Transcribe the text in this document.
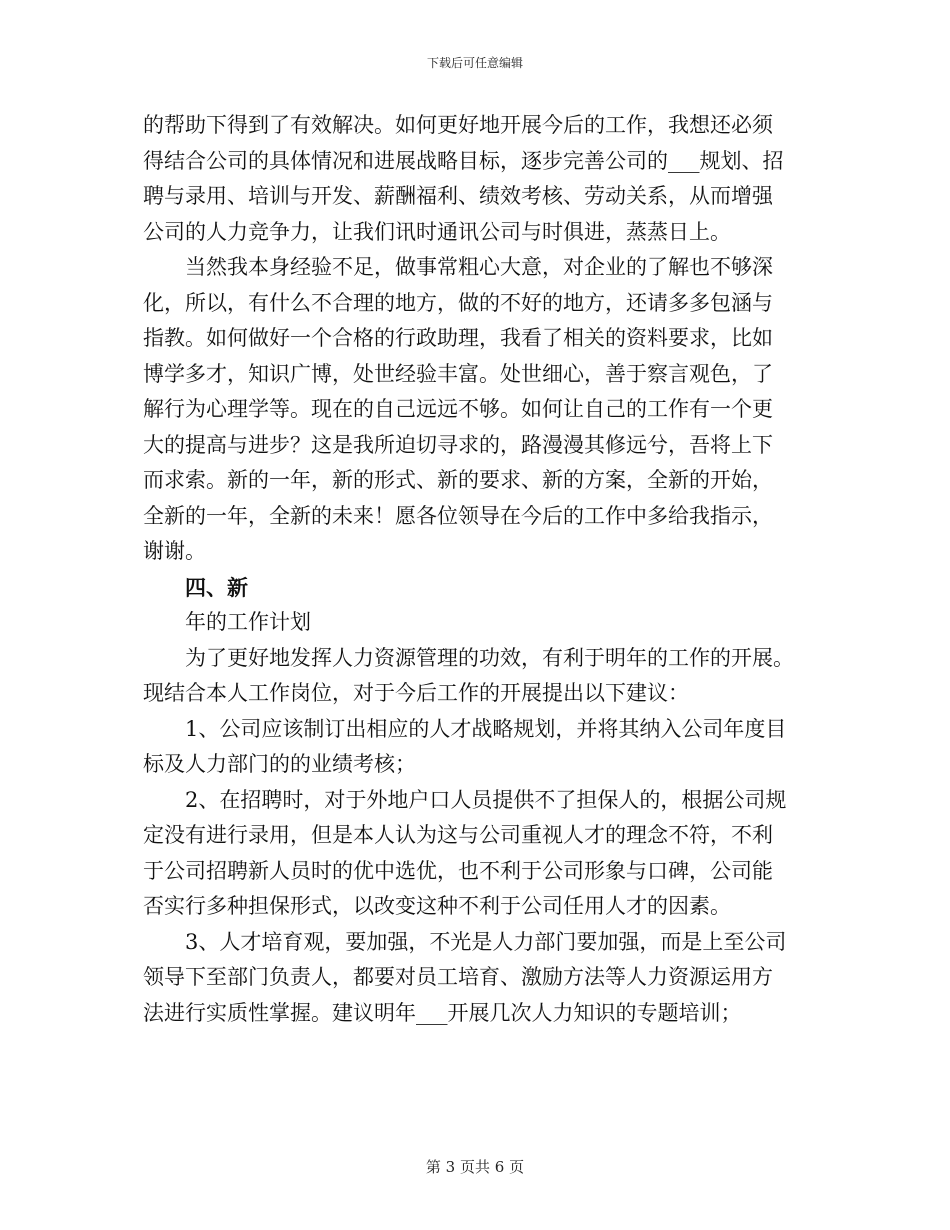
下载后可任意编辑
的帮助下得到了有效解决。如何更好地开展今后的工作，我想还必须
得结合公司的具体情况和进展战略目标，逐步完善公司的___规划、招
聘与录用、培训与开发、薪酬福利、绩效考核、劳动关系，从而增强
公司的人力竞争力，让我们讯时通讯公司与时俱进，蒸蒸日上。
当然我本身经验不足，做事常粗心大意，对企业的了解也不够深
化，所以，有什么不合理的地方，做的不好的地方，还请多多包涵与
指教。如何做好一个合格的行政助理，我看了相关的资料要求，比如
博学多才，知识广博，处世经验丰富。处世细心，善于察言观色，了
解行为心理学等。现在的自己远远不够。如何让自己的工作有一个更
大的提高与进步？这是我所迫切寻求的，路漫漫其修远兮，吾将上下
而求索。新的一年，新的形式、新的要求、新的方案，全新的开始，
全新的一年，全新的未来！愿各位领导在今后的工作中多给我指示，
谢谢。
四、新
年的工作计划
为了更好地发挥人力资源管理的功效，有利于明年的工作的开展。
现结合本人工作岗位，对于今后工作的开展提出以下建议：
1、公司应该制订出相应的人才战略规划，并将其纳入公司年度目
标及人力部门的的业绩考核；
2、在招聘时，对于外地户口人员提供不了担保人的，根据公司规
定没有进行录用，但是本人认为这与公司重视人才的理念不符，不利
于公司招聘新人员时的优中选优，也不利于公司形象与口碑，公司能
否实行多种担保形式，以改变这种不利于公司任用人才的因素。
3、人才培育观，要加强，不光是人力部门要加强，而是上至公司
领导下至部门负责人，都要对员工培育、激励方法等人力资源运用方
法进行实质性掌握。建议明年___开展几次人力知识的专题培训；
第 3 页共 6 页
